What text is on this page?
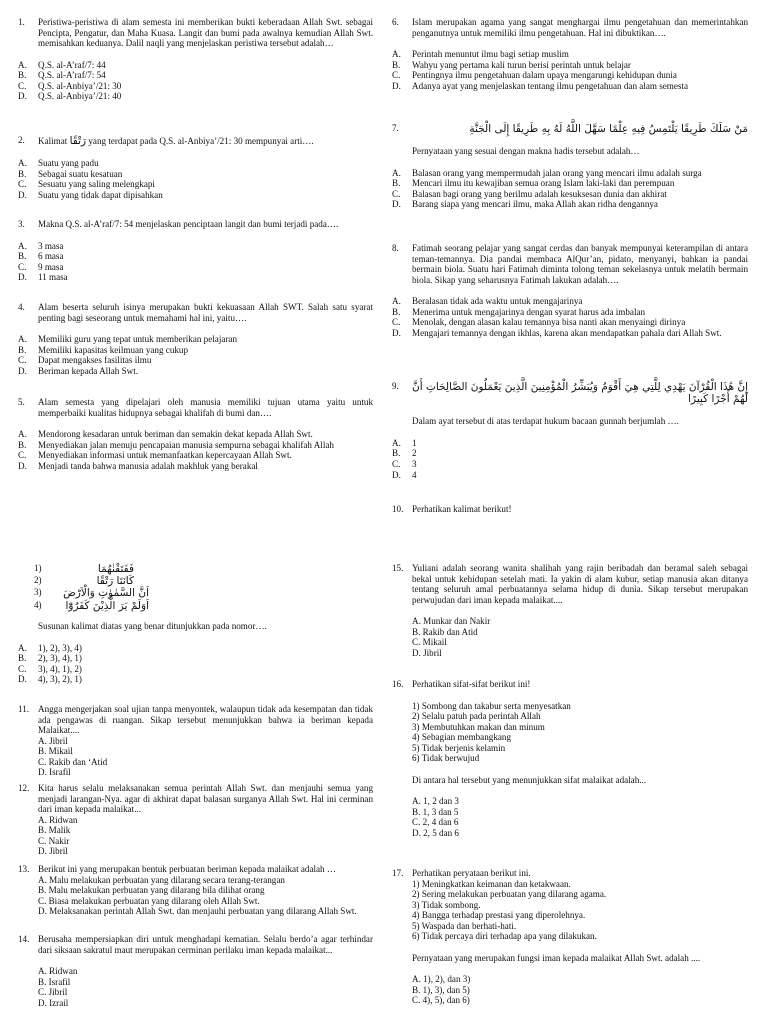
1.	Peristiwa-peristiwa di alam semesta ini memberikan bukti keberadaan Allah Swt. sebagai Pencipta, Pengatur, dan Maha Kuasa. Langit dan bumi pada awalnya kemudian Allah Swt. memisahkan keduanya. Dalil naqli yang menjelaskan peristiwa tersebut adalah…
A.	Q.S. al-A’raf/7: 44
B.	Q.S. al-A’raf/7: 54
C.	Q.S. al-Anbiya’/21: 30
D.	Q.S. al-Anbiya’/21: 40
2.	Kalimat رَتْقًا yang terdapat pada Q.S. al-Anbiya’/21: 30 mempunyai arti….
A.	Suatu yang padu
B.	Sebagai suatu kesatuan
C.	Sesuatu yang saling melengkapi
D.	Suatu yang tidak dapat dipisahkan
3.	Makna Q.S. al-A’raf/7: 54 menjelaskan penciptaan langit dan bumi terjadi pada….
A.	3 masa
B.	6 masa
C.	9 masa
D.	11 masa
4.	Alam beserta seluruh isinya merupakan bukti kekuasaan Allah SWT. Salah satu syarat penting bagi seseorang untuk memahami hal ini, yaitu….
A.	Memiliki guru yang tepat untuk memberikan pelajaran
B.	Memiliki kapasitas keilmuan yang cukup
C.	Dapat mengakses fasilitas ilmu
D.	Beriman kepada Allah Swt.
5.	Alam semesta yang dipelajari oleh manusia memiliki tujuan utama yaitu untuk memperbaiki kualitas hidupnya sebagai khalifah di bumi dan….
A.	Mendorong kesadaran untuk beriman dan semakin dekat kepada Allah Swt.
B.	Menyediakan jalan menuju pencapaian manusia sempurna sebagai khalifah Allah
C.	Menyediakan informasi untuk memanfaatkan kepercayaan Allah Swt.
D.	Menjadi tanda bahwa manusia adalah makhluk yang berakal
6.	Islam merupakan agama yang sangat menghargai ilmu pengetahuan dan memerintahkan penganutnya untuk memiliki ilmu pengetahuan. Hal ini dibuktikan….
A.	Perintah menuntut ilmu bagi setiap muslim
B.	Wahyu yang pertama kali turun berisi perintah untuk belajar
C.	Pentingnya ilmu pengetahuan dalam upaya mengarungi kehidupan dunia
D.	Adanya ayat yang menjelaskan tentang ilmu pengetahuan dan alam semesta
7.	مَنْ سَلَكَ طَرِيقًا يَلْتَمِسُ فِيهِ عِلْمًا سَهَّلَ اللَّهُ لَهُ بِهِ طَرِيقًا إِلَى الْجَنَّةِ
Pernyataan yang sesuai dengan makna hadis tersebut adalah…
A.	Balasan orang yang mempermudah jalan orang yang mencari ilmu adalah surga
B.	Mencari ilmu itu kewajiban semua orang Islam laki-laki dan perempuan
C.	Balasan bagi orang yang berilmu adalah kesuksesan dunia dan akhirat
D.	Barang siapa yang mencari ilmu, maka Allah akan ridha dengannya
8.	Fatimah seorang pelajar yang sangat cerdas dan banyak mempunyai keterampilan di antara teman-temannya. Dia pandai membaca AlQur’an, pidato, menyanyi, bahkan ia pandai bermain biola. Suatu hari Fatimah diminta tolong teman sekelasnya untuk melatih bermain biola. Sikap yang seharusnya Fatimah lakukan adalah….
A.	Beralasan tidak ada waktu untuk mengajarinya
B.	Menerima untuk mengajarinya dengan syarat harus ada imbalan
C.	Menolak, dengan alasan kalau temannya bisa nanti akan menyaingi dirinya
D.	Mengajari temannya dengan ikhlas, karena akan mendapatkan pahala dari Allah Swt.
9.	إِنَّ هَٰذَا الْقُرْآنَ يَهْدِي لِلَّتِي هِيَ أَقْوَمُ وَيُبَشِّرُ الْمُؤْمِنِينَ الَّذِينَ يَعْمَلُونَ الصَّالِحَاتِ أَنَّ لَهُمْ أَجْرًا كَبِيرًا
Dalam ayat tersebut di atas terdapat hukum bacaan gunnah berjumlah ….
A.	1
B.	2
C.	3
D.	4
10. Perhatikan kalimat berikut!
1)	فَفَتَقْنٰهُمَا
2)	كَانَتَا رَتْقًا
3)	اَنَّ السَّمٰوٰتِ وَالْاَرْضَ
4)	اَوَلَمْ يَرَ الَّذِيْنَ كَفَرُوْٓا
Susunan kalimat diatas yang benar ditunjukkan pada nomor….
A.	1), 2), 3), 4)
B.	2), 3), 4), 1)
C.	3), 4), 1), 2)
D.	4), 3), 2), 1)
11. Angga mengerjakan soal ujian tanpa menyontek, walaupun tidak ada kesempatan dan tidak ada pengawas di ruangan. Sikap tersebut menunjukkan bahwa ia beriman kepada Malaikat....
A. Jibril
B. Mikail
C. Rakib dan ‘Atid
D. Israfil
12. Kita harus selalu melaksanakan semua perintah Allah Swt. dan menjauhi semua yang menjadi larangan-Nya. agar di akhirat dapat balasan surganya Allah Swt. Hal ini cerminan dari iman kepada malaikat...
A. Ridwan
B. Malik
C. Nakir
D. Jibril
13. Berikut ini yang merupakan bentuk perbuatan beriman kepada malaikat adalah …
A. Malu melakukan perbuatan yang dilarang secara terang-terangan
B. Malu melakukan perbuatan yang dilarang bila dilihat orang
C. Biasa melakukan perbuatan yang dilarang oleh Allah Swt.
D. Melaksanakan perintah Allah Swt. dan menjauhi perbuatan yang dilarang Allah Swt.
14. Berusaha mempersiapkan diri untuk menghadapi kematian. Selalu berdo’a agar terhindar dari siksaan sakratul maut merupakan cerminan perilaku iman kepada malaikat...
A. Ridwan
B. Israfil
C. Jibril
D. Izrail
15. Yuliani adalah seorang wanita shalihah yang rajin beribadah dan beramal saleh sebagai bekal untuk kehidupan setelah mati. Ia yakin di alam kubur, setiap manusia akan ditanya tentang seluruh amal perbuatannya selama hidup di dunia. Sikap tersebut merupakan perwujudan dari iman kepada malaikat....
A. Munkar dan Nakir
B. Rakib dan Atid
C. Mikail
D. Jibril
16. Perhatikan sifat-sifat berikut ini!
1) Sombong dan takabur serta menyesatkan
2) Selalu patuh pada perintah Allah
3) Membutuhkan makan dan minum
4) Sebagian membangkang
5) Tidak berjenis kelamin
6) Tidak berwujud
Di antara hal tersebut yang menunjukkan sifat malaikat adalah...
A. 1, 2 dan 3
B. 1, 3 dan 5
C. 2, 4 dan 6
D. 2, 5 dan 6
17. Perhatikan peryataan berikut ini.
1) Meningkatkan keimanan dan ketakwaan.
2) Sering melakukan perbuatan yang dilarang agama.
3) Tidak sombong.
4) Bangga terhadap prestasi yang diperolehnya.
5) Waspada dan berhati-hati.
6) Tidak percaya diri terhadap apa yang dilakukan.
Pernyataan yang merupakan fungsi iman kepada malaikat Allah Swt. adalah ....
A. 1), 2), dan 3)
B. 1), 3), dan 5)
C. 4), 5), dan 6)
